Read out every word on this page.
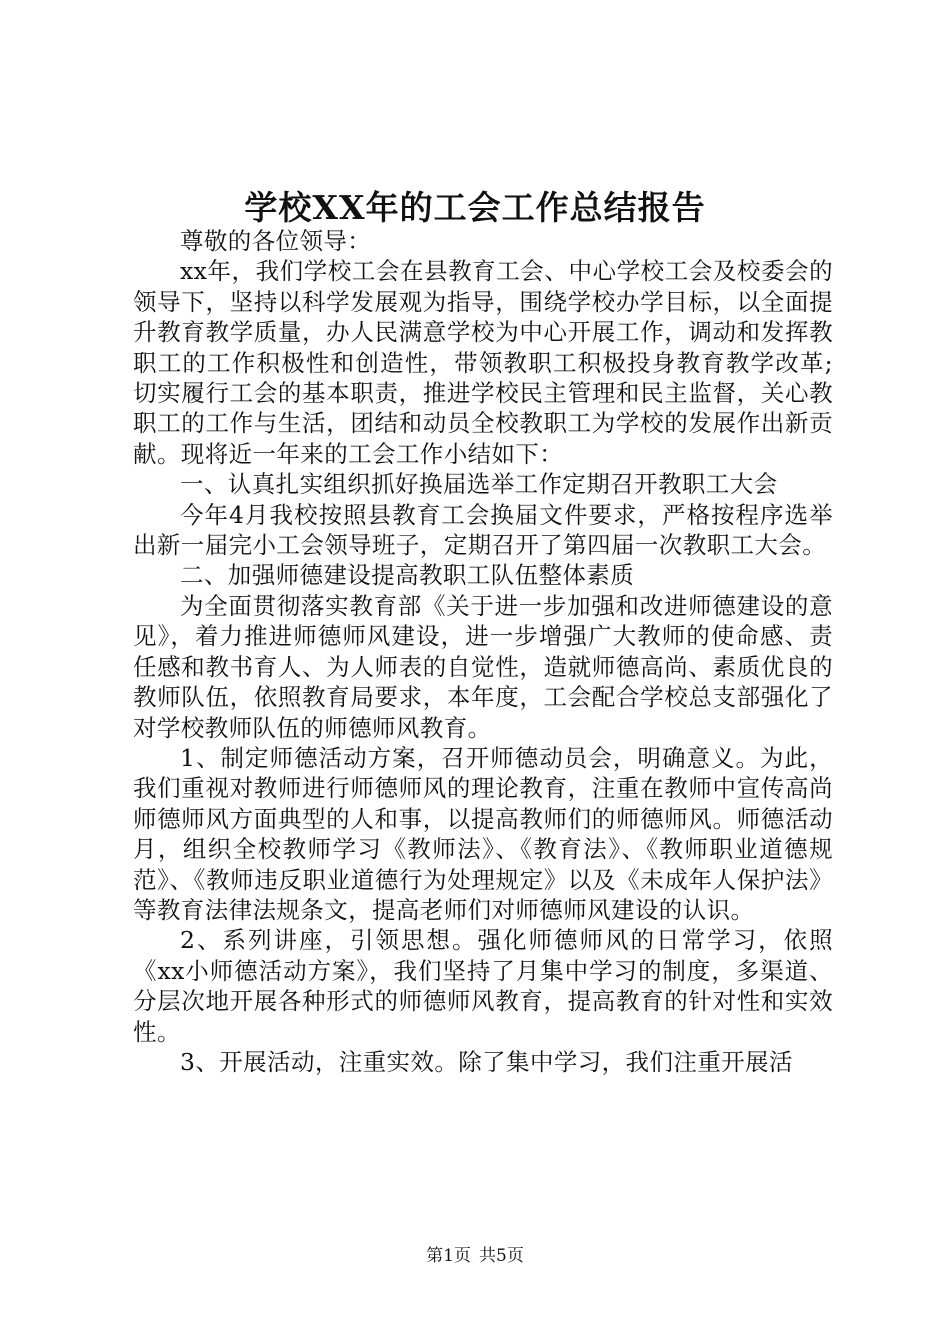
学校XX年的工会工作总结报告

尊敬的各位领导：

xx年，我们学校工会在县教育工会、中心学校工会及校委会的领导下，坚持以科学发展观为指导，围绕学校办学目标，以全面提升教育教学质量，办人民满意学校为中心开展工作，调动和发挥教职工的工作积极性和创造性，带领教职工积极投身教育教学改革;切实履行工会的基本职责，推进学校民主管理和民主监督，关心教职工的工作与生活，团结和动员全校教职工为学校的发展作出新贡献。现将近一年来的工会工作小结如下：

一、认真扎实组织抓好换届选举工作定期召开教职工大会

今年4月我校按照县教育工会换届文件要求，严格按程序选举出新一届完小工会领导班子，定期召开了第四届一次教职工大会。

二、加强师德建设提高教职工队伍整体素质

为全面贯彻落实教育部《关于进一步加强和改进师德建设的意见》，着力推进师德师风建设，进一步增强广大教师的使命感、责任感和教书育人、为人师表的自觉性，造就师德高尚、素质优良的教师队伍，依照教育局要求，本年度，工会配合学校总支部强化了对学校教师队伍的师德师风教育。

1、制定师德活动方案，召开师德动员会，明确意义。为此，我们重视对教师进行师德师风的理论教育，注重在教师中宣传高尚师德师风方面典型的人和事，以提高教师们的师德师风。师德活动月，组织全校教师学习《教师法》、《教育法》、《教师职业道德规范》、《教师违反职业道德行为处理规定》以及《未成年人保护法》等教育法律法规条文，提高老师们对师德师风建设的认识。

2、系列讲座，引领思想。强化师德师风的日常学习，依照《xx小师德活动方案》，我们坚持了月集中学习的制度，多渠道、分层次地开展各种形式的师德师风教育，提高教育的针对性和实效性。

3、开展活动，注重实效。除了集中学习，我们注重开展活

第1页 共5页
